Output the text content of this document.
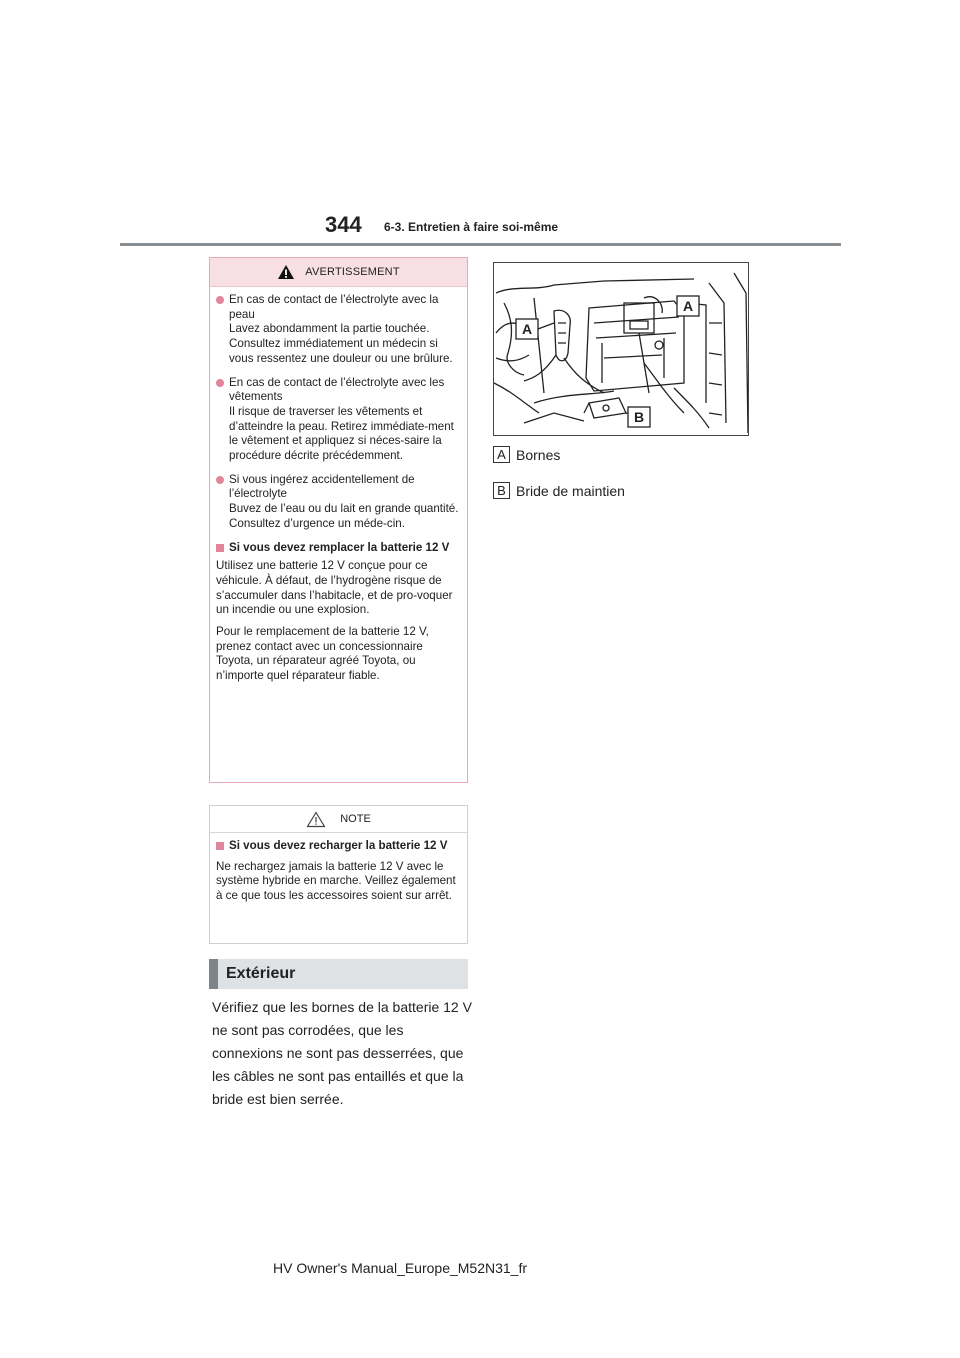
344 6-3. Entretien à faire soi-même
AVERTISSEMENT
En cas de contact de l’électrolyte avec la peau
Lavez abondamment la partie touchée. Consultez immédiatement un médecin si vous ressentez une douleur ou une brûlure.
En cas de contact de l’électrolyte avec les vêtements
Il risque de traverser les vêtements et d’atteindre la peau. Retirez immédiate-ment le vêtement et appliquez si néces-saire la procédure décrite précédemment.
Si vous ingérez accidentellement de l’électrolyte
Buvez de l’eau ou du lait en grande quantité. Consultez d’urgence un méde-cin.
Si vous devez remplacer la batterie 12 V

Utilisez une batterie 12 V conçue pour ce véhicule. À défaut, de l’hydrogène risque de s’accumuler dans l’habitacle, et de pro-voquer un incendie ou une explosion.

Pour le remplacement de la batterie 12 V, prenez contact avec un concessionnaire Toyota, un réparateur agréé Toyota, ou n’importe quel réparateur fiable.

NOTE
Si vous devez recharger la batterie 12 V

Ne rechargez jamais la batterie 12 V avec le système hybride en marche. Veillez également à ce que tous les accessoires soient sur arrêt.

Extérieur
Vérifiez que les bornes de la batterie 12 V ne sont pas corrodées, que les connexions ne sont pas desserrées, que les câbles ne sont pas entaillés et que la bride est bien serrée.
A
A
B
A Bornes
B Bride de maintien
HV Owner's Manual_Europe_M52N31_fr
